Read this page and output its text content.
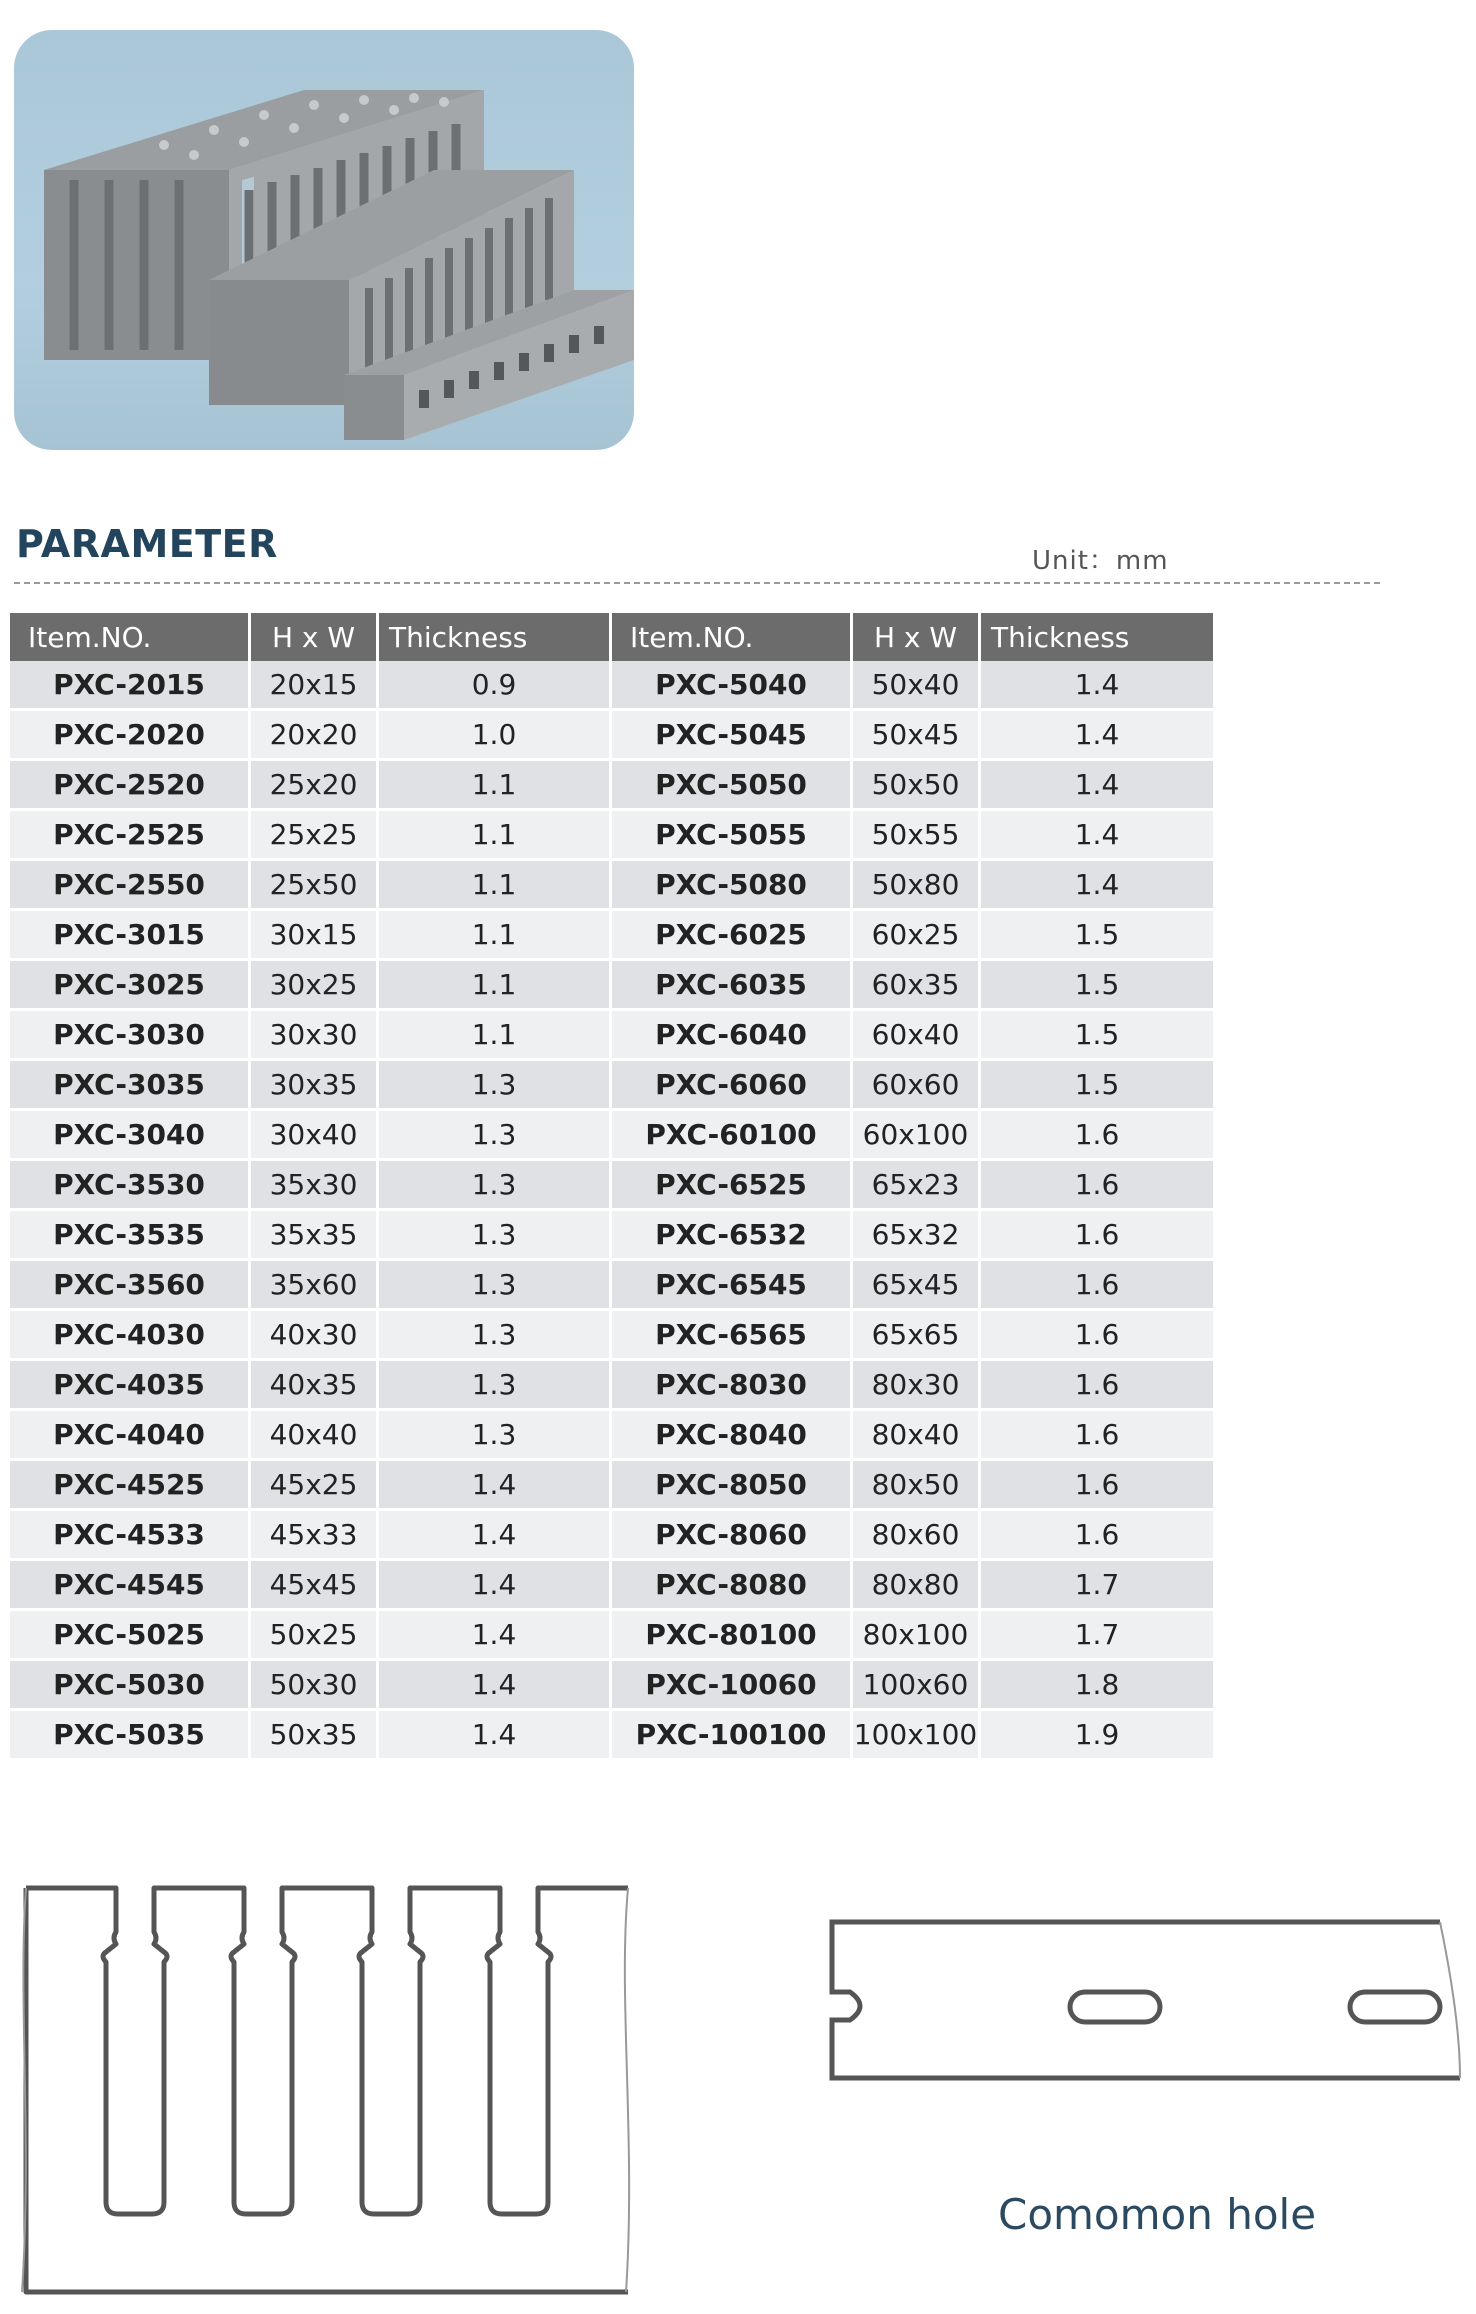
PARAMETER	Unit：mm
Item.NO.	H x W	Thickness	Item.NO.	H x W	Thickness
PXC-2015	20x15	0.9	PXC-5040	50x40	1.4
PXC-2020	20x20	1.0	PXC-5045	50x45	1.4
PXC-2520	25x20	1.1	PXC-5050	50x50	1.4
PXC-2525	25x25	1.1	PXC-5055	50x55	1.4
PXC-2550	25x50	1.1	PXC-5080	50x80	1.4
PXC-3015	30x15	1.1	PXC-6025	60x25	1.5
PXC-3025	30x25	1.1	PXC-6035	60x35	1.5
PXC-3030	30x30	1.1	PXC-6040	60x40	1.5
PXC-3035	30x35	1.3	PXC-6060	60x60	1.5
PXC-3040	30x40	1.3	PXC-60100	60x100	1.6
PXC-3530	35x30	1.3	PXC-6525	65x23	1.6
PXC-3535	35x35	1.3	PXC-6532	65x32	1.6
PXC-3560	35x60	1.3	PXC-6545	65x45	1.6
PXC-4030	40x30	1.3	PXC-6565	65x65	1.6
PXC-4035	40x35	1.3	PXC-8030	80x30	1.6
PXC-4040	40x40	1.3	PXC-8040	80x40	1.6
PXC-4525	45x25	1.4	PXC-8050	80x50	1.6
PXC-4533	45x33	1.4	PXC-8060	80x60	1.6
PXC-4545	45x45	1.4	PXC-8080	80x80	1.7
PXC-5025	50x25	1.4	PXC-80100	80x100	1.7
PXC-5030	50x30	1.4	PXC-10060	100x60	1.8
PXC-5035	50x35	1.4	PXC-100100	100x100	1.9
Comomon hole
